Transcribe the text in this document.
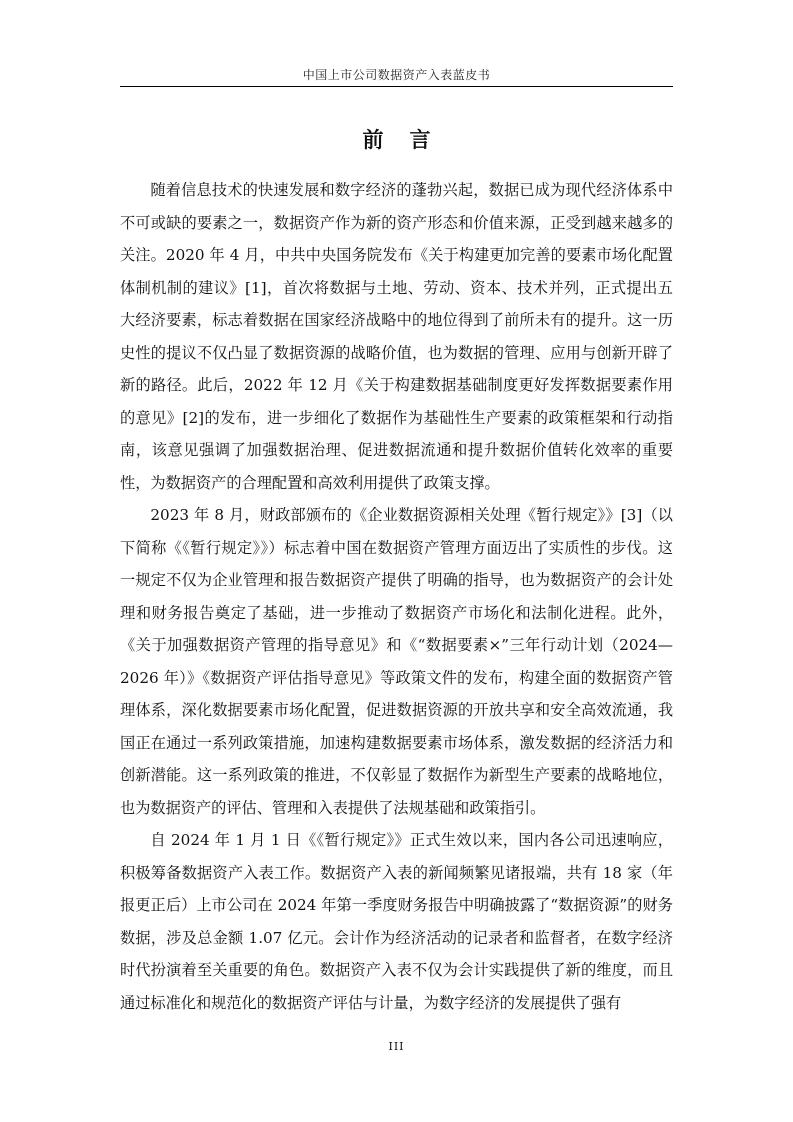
中国上市公司数据资产入表蓝皮书
前言

随着信息技术的快速发展和数字经济的蓬勃兴起，数据已成为现代经济体系中不可或缺的要素之一，数据资产作为新的资产形态和价值来源，正受到越来越多的关注。2020 年 4 月，中共中央国务院发布《关于构建更加完善的要素市场化配置体制机制的建议》[1]，首次将数据与土地、劳动、资本、技术并列，正式提出五大经济要素，标志着数据在国家经济战略中的地位得到了前所未有的提升。这一历史性的提议不仅凸显了数据资源的战略价值，也为数据的管理、应用与创新开辟了新的路径。此后，2022 年 12 月《关于构建数据基础制度更好发挥数据要素作用的意见》[2]的发布，进一步细化了数据作为基础性生产要素的政策框架和行动指南，该意见强调了加强数据治理、促进数据流通和提升数据价值转化效率的重要性，为数据资产的合理配置和高效利用提供了政策支撑。

2023 年 8 月，财政部颁布的《企业数据资源相关处理《暂行规定》》[3]（以下简称《《暂行规定》》）标志着中国在数据资产管理方面迈出了实质性的步伐。这一规定不仅为企业管理和报告数据资产提供了明确的指导，也为数据资产的会计处理和财务报告奠定了基础，进一步推动了数据资产市场化和法制化进程。此外，《关于加强数据资产管理的指导意见》和《“数据要素×”三年行动计划（2024—2026 年）》《数据资产评估指导意见》等政策文件的发布，构建全面的数据资产管理体系，深化数据要素市场化配置，促进数据资源的开放共享和安全高效流通，我国正在通过一系列政策措施，加速构建数据要素市场体系，激发数据的经济活力和创新潜能。这一系列政策的推进，不仅彰显了数据作为新型生产要素的战略地位，也为数据资产的评估、管理和入表提供了法规基础和政策指引。

自 2024 年 1 月 1 日《《暂行规定》》正式生效以来，国内各公司迅速响应，积极筹备数据资产入表工作。数据资产入表的新闻频繁见诸报端，共有 18 家（年报更正后）上市公司在 2024 年第一季度财务报告中明确披露了“数据资源”的财务数据，涉及总金额 1.07 亿元。会计作为经济活动的记录者和监督者，在数字经济时代扮演着至关重要的角色。数据资产入表不仅为会计实践提供了新的维度，而且通过标准化和规范化的数据资产评估与计量，为数字经济的发展提供了强有

III
